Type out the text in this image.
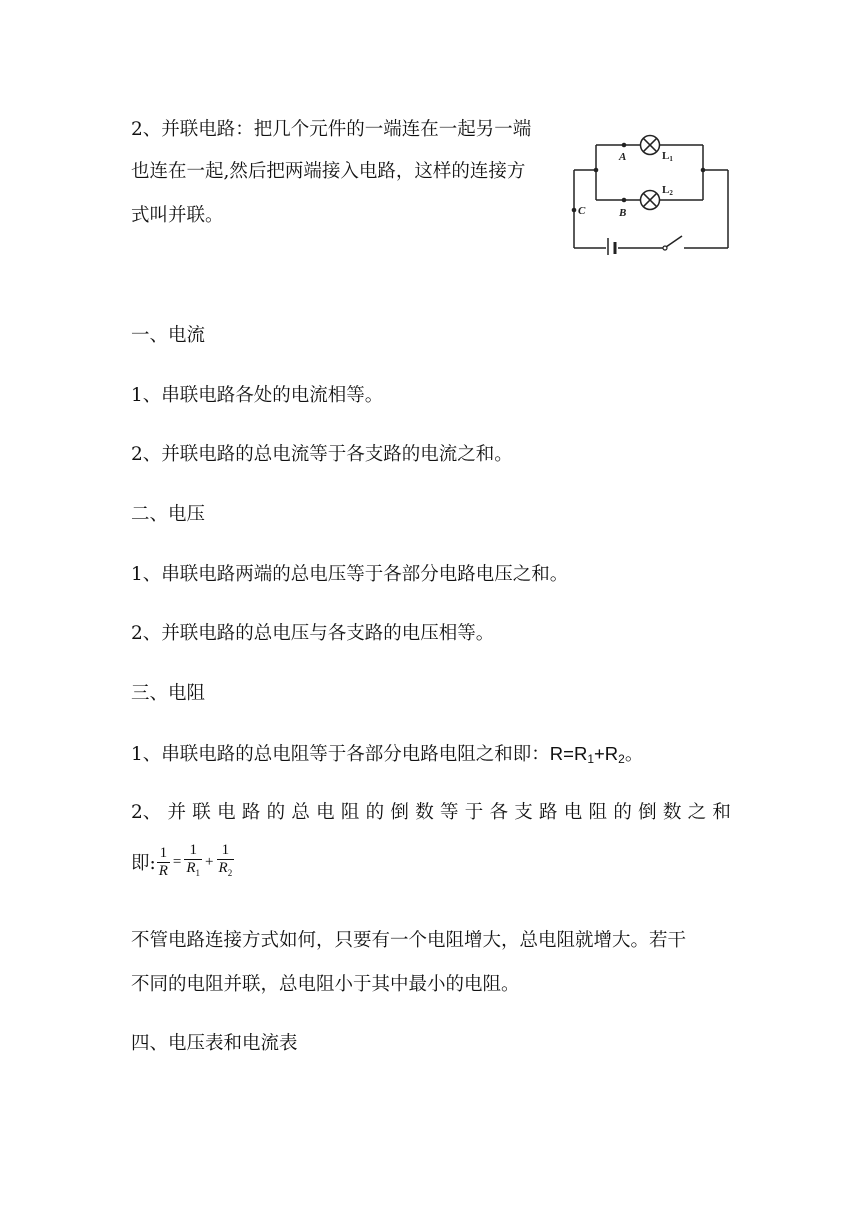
2、并联电路：把几个元件的一端连在一起另一端
也连在一起,然后把两端接入电路，这样的连接方
式叫并联。
A
B
C
L1
L2
一、电流
1、串联电路各处的电流相等。
2、并联电路的总电流等于各支路的电流之和。
二、电压
1、串联电路两端的总电压等于各部分电路电压之和。
2、并联电路的总电压与各支路的电压相等。
三、电阻
1、串联电路的总电阻等于各部分电路电阻之和即：R=R1+R2。
2、 并 联 电 路 的 总 电 阻 的 倒 数 等 于 各 支 路 电 阻 的 倒 数 之 和
即: $\frac{1}{R} = \frac{1}{R_1} + \frac{1}{R_2}$
不管电路连接方式如何，只要有一个电阻增大，总电阻就增大。若干
不同的电阻并联，总电阻小于其中最小的电阻。
四、电压表和电流表
